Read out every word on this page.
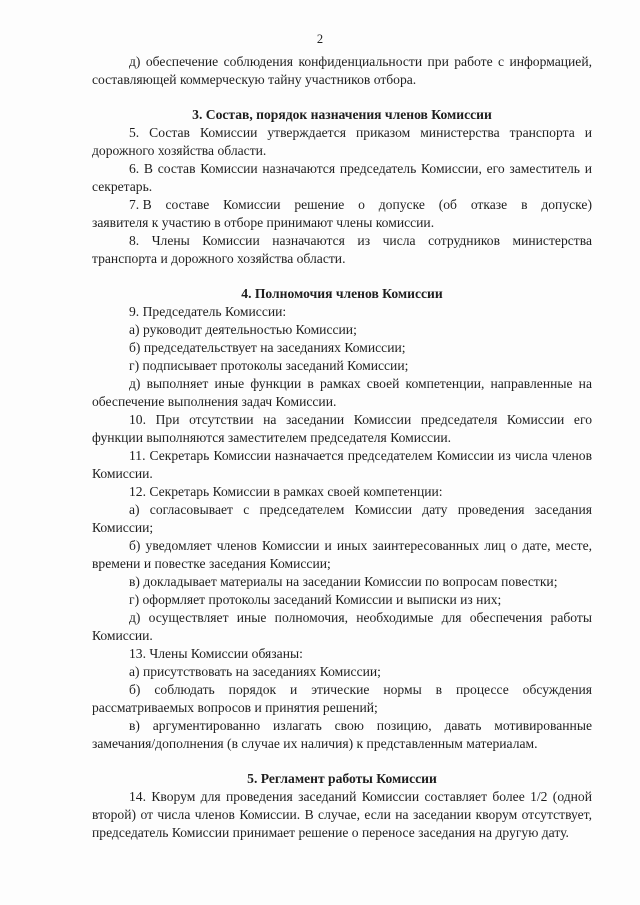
2

д) обеспечение соблюдения конфиденциальности при работе с информацией, составляющей коммерческую тайну участников отбора.

3. Состав, порядок назначения членов Комиссии

5. Состав Комиссии утверждается приказом министерства транспорта и дорожного хозяйства области.

6. В состав Комиссии назначаются председатель Комиссии, его заместитель и секретарь.

7. В составе Комиссии решение о допуске (об отказе в допуске)

заявителя к участию в отборе принимают члены комиссии.

8. Члены Комиссии назначаются из числа сотрудников министерства транспорта и дорожного хозяйства области.

4. Полномочия членов Комиссии

9. Председатель Комиссии:

а) руководит деятельностью Комиссии;

б) председательствует на заседаниях Комиссии;

г) подписывает протоколы заседаний Комиссии;

д) выполняет иные функции в рамках своей компетенции, направленные на обеспечение выполнения задач Комиссии.

10. При отсутствии на заседании Комиссии председателя Комиссии его функции выполняются заместителем председателя Комиссии.

11. Секретарь Комиссии назначается председателем Комиссии из числа членов Комиссии.

12. Секретарь Комиссии в рамках своей компетенции:

а) согласовывает с председателем Комиссии дату проведения заседания Комиссии;

б) уведомляет членов Комиссии и иных заинтересованных лиц о дате, месте, времени и повестке заседания Комиссии;

в) докладывает материалы на заседании Комиссии по вопросам повестки;

г) оформляет протоколы заседаний Комиссии и выписки из них;

д) осуществляет иные полномочия, необходимые для обеспечения работы Комиссии.

13. Члены Комиссии обязаны:

а) присутствовать на заседаниях Комиссии;

б) соблюдать порядок и этические нормы в процессе обсуждения рассматриваемых вопросов и принятия решений;

в) аргументированно излагать свою позицию, давать мотивированные замечания/дополнения (в случае их наличия) к представленным материалам.

5. Регламент работы Комиссии

14. Кворум для проведения заседаний Комиссии составляет более 1/2 (одной второй) от числа членов Комиссии. В случае, если на заседании кворум отсутствует, председатель Комиссии принимает решение о переносе заседания на другую дату.
